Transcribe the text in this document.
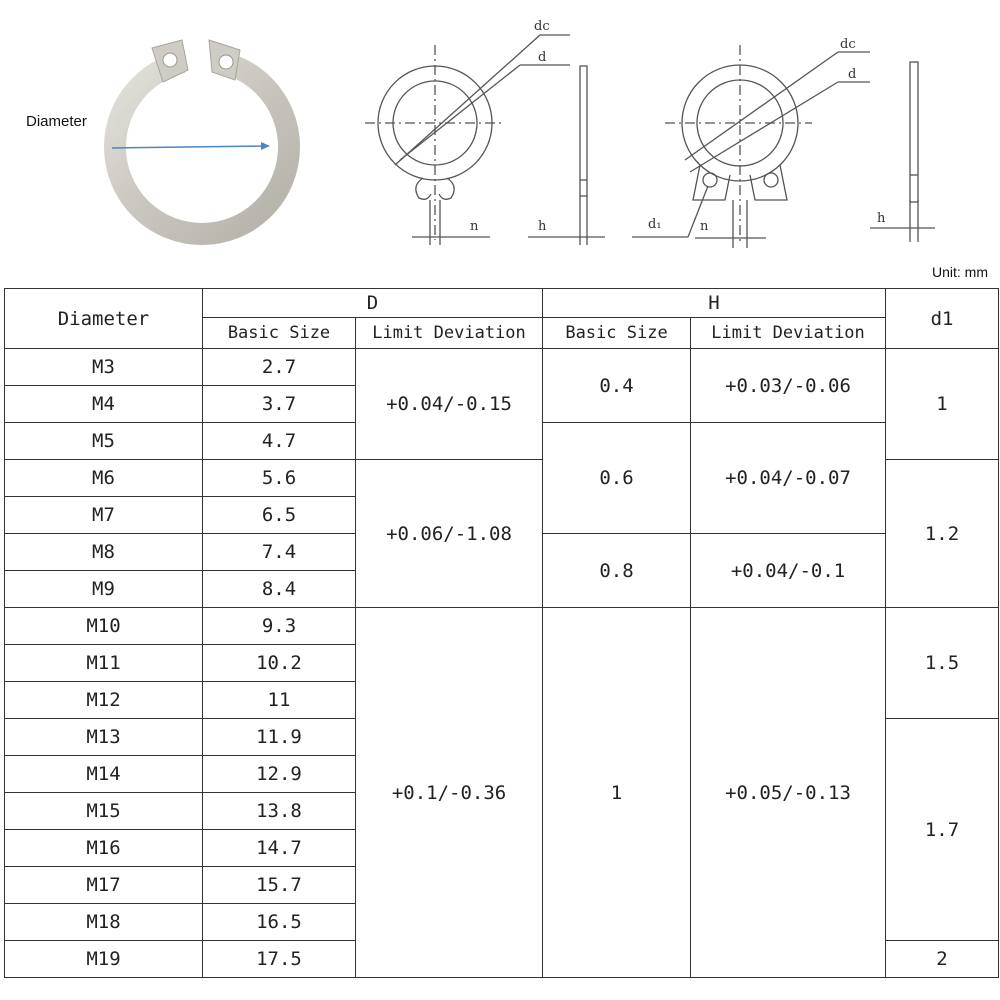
dc
d
n	h
dc
d
d₁	n
h
Diameter
Unit: mm
Diameter	D		H		d1
	Basic Size	Limit Deviation	Basic Size	Limit Deviation	
M3	2.7	+0.04/-0.15	0.4	+0.03/-0.06	1
M4	3.7				
M5	4.7		0.6	+0.04/-0.07	
M6	5.6	+0.06/-1.08			1.2
M7	6.5				
M8	7.4		0.8	+0.04/-0.1	
M9	8.4				
M10	9.3	+0.1/-0.36	1	+0.05/-0.13	1.5
M11	10.2				
M12	11				
M13	11.9				1.7
M14	12.9				
M15	13.8				
M16	14.7				
M17	15.7				
M18	16.5				
M19	17.5				2
